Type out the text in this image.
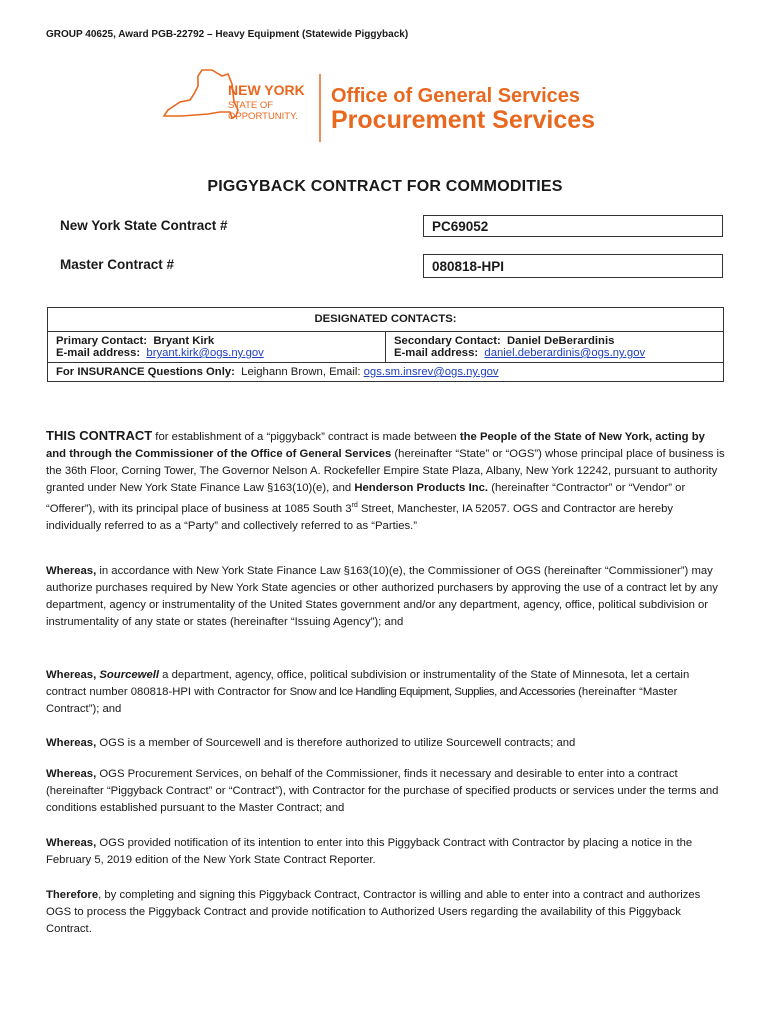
GROUP 40625, Award PGB-22792 – Heavy Equipment (Statewide Piggyback)
NEW YORK
STATE OF
OPPORTUNITY.
Office of General Services
Procurement Services
PIGGYBACK CONTRACT FOR COMMODITIES
New York State Contract #	PC69052
Master Contract #	080818-HPI
DESIGNATED CONTACTS:
Primary Contact: Bryant Kirk
E-mail address: bryant.kirk@ogs.ny.gov
Secondary Contact: Daniel DeBerardinis
E-mail address: daniel.deberardinis@ogs.ny.gov
For INSURANCE Questions Only: Leighann Brown, Email: ogs.sm.insrev@ogs.ny.gov
THIS CONTRACT for establishment of a “piggyback” contract is made between the People of the State of New York, acting by and through the Commissioner of the Office of General Services (hereinafter “State” or “OGS”) whose principal place of business is the 36th Floor, Corning Tower, The Governor Nelson A. Rockefeller Empire State Plaza, Albany, New York 12242, pursuant to authority granted under New York State Finance Law §163(10)(e), and Henderson Products Inc. (hereinafter “Contractor” or “Vendor” or “Offerer”), with its principal place of business at 1085 South 3rd Street, Manchester, IA 52057. OGS and Contractor are hereby individually referred to as a “Party” and collectively referred to as “Parties.”
Whereas, in accordance with New York State Finance Law §163(10)(e), the Commissioner of OGS (hereinafter “Commissioner”) may authorize purchases required by New York State agencies or other authorized purchasers by approving the use of a contract let by any department, agency or instrumentality of the United States government and/or any department, agency, office, political subdivision or instrumentality of any state or states (hereinafter “Issuing Agency”); and
Whereas, Sourcewell a department, agency, office, political subdivision or instrumentality of the State of Minnesota, let a certain contract number 080818-HPI with Contractor for Snow and Ice Handling Equipment, Supplies, and Accessories (hereinafter “Master Contract”); and
Whereas, OGS is a member of Sourcewell and is therefore authorized to utilize Sourcewell contracts; and
Whereas, OGS Procurement Services, on behalf of the Commissioner, finds it necessary and desirable to enter into a contract (hereinafter “Piggyback Contract” or “Contract”), with Contractor for the purchase of specified products or services under the terms and conditions established pursuant to the Master Contract; and
Whereas, OGS provided notification of its intention to enter into this Piggyback Contract with Contractor by placing a notice in the February 5, 2019 edition of the New York State Contract Reporter.
Therefore, by completing and signing this Piggyback Contract, Contractor is willing and able to enter into a contract and authorizes OGS to process the Piggyback Contract and provide notification to Authorized Users regarding the availability of this Piggyback Contract.
